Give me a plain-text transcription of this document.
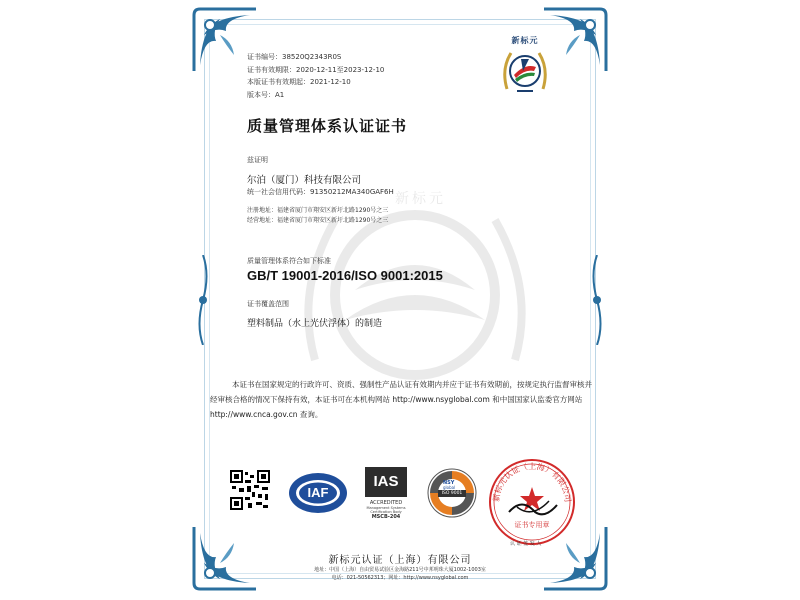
新标元
证书编号：38520Q2343R0S
证书有效期限：2020-12-11至2023-12-10
本版证书有效期起：2021-12-10
版本号：A1
新标元
质量管理体系认证证书
兹证明
尔泊（厦门）科技有限公司
统一社会信用代码：91350212MA340GAF6H
注册地址：福建省厦门市翔安区新圩北路1290号之三
经营地址：福建省厦门市翔安区新圩北路1290号之三
质量管理体系符合如下标准
GB/T 19001-2016/ISO 9001:2015
证书覆盖范围
塑料制品（水上光伏浮体）的制造
本证书在国家规定的行政许可、资质、强制性产品认证有效期内并应于证书有效期前，按规定执行监督审核并经审核合格的情况下保持有效，本证书可在本机构网站 http://www.nsyglobal.com 和中国国家认监委官方网站 http://www.cnca.gov.cn 查询。
IAF
IAS
ACCREDITED
Management Systems
Certification Body
MSCB-204
NSY
global
ISO 9001	新标元认证（上海）有限公司
证书专用章
认 证 签 发 人
新标元认证（上海）有限公司
地址：中国（上海）自由贸易试验区金海路211号中邦明珠大厦1002-1003室
电话：021-50562313；网址：http://www.nsyglobal.com
